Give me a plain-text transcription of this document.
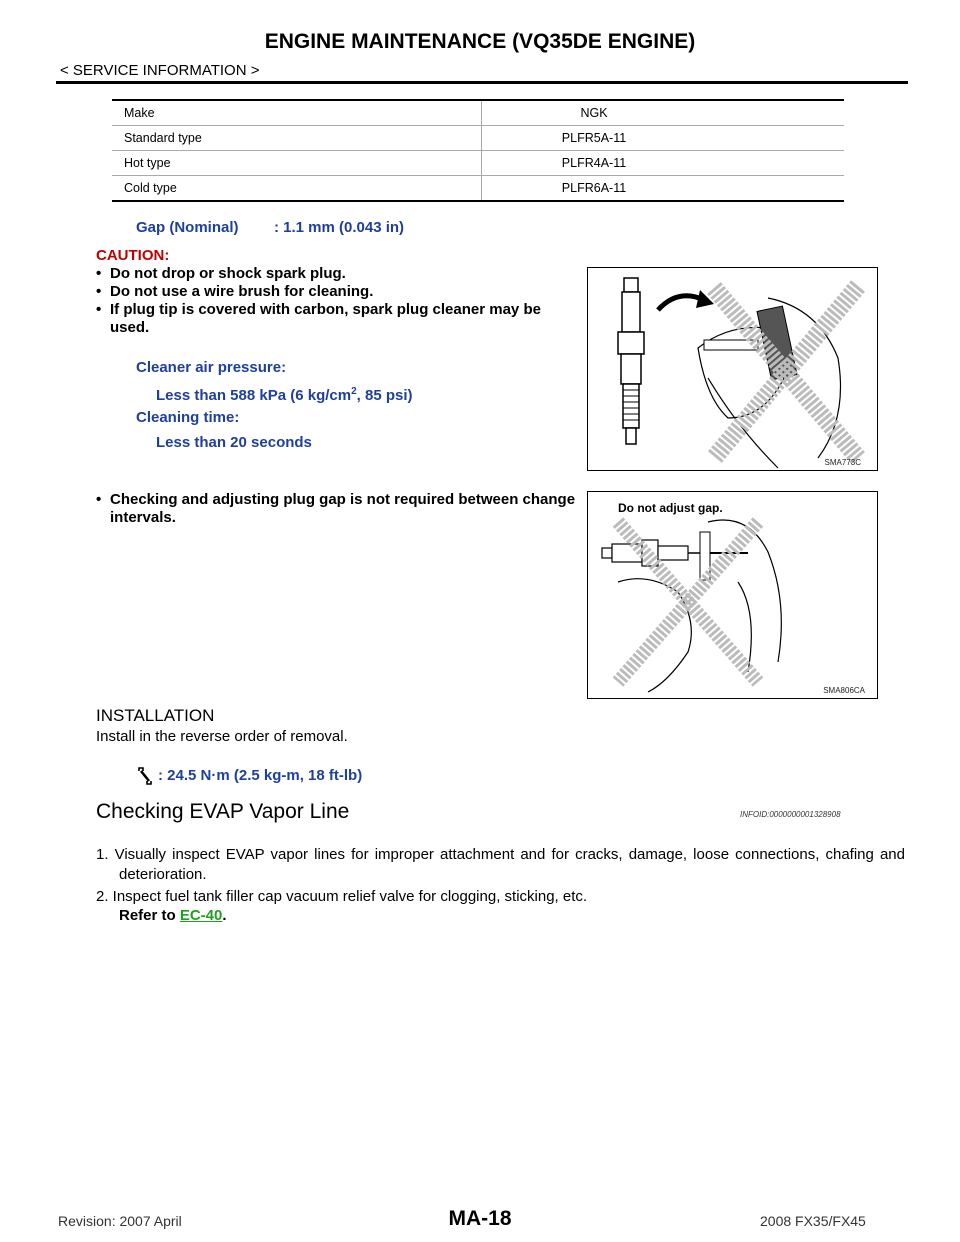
ENGINE MAINTENANCE (VQ35DE ENGINE)
< SERVICE INFORMATION >
Make	NGK
Standard type	PLFR5A-11
Hot type	PLFR4A-11
Cold type	PLFR6A-11
Gap (Nominal) : 1.1 mm (0.043 in)
CAUTION:

• Do not drop or shock spark plug.

• Do not use a wire brush for cleaning.

• If plug tip is covered with carbon, spark plug cleaner may be used.

Cleaner air pressure:
Less than 588 kPa (6 $kg/cm^2$, 85 psi)
Cleaning time:
Less than 20 seconds

• Checking and adjusting plug gap is not required between change intervals.

SMA773C
Do not adjust gap.
SMA806CA
INSTALLATION
Install in the reverse order of removal.
: 24.5 N·m (2.5 kg-m, 18 ft-lb)
Checking EVAP Vapor Line	INFOID:0000000001328908
1. Visually inspect EVAP vapor lines for improper attachment and for cracks, damage, loose connections, chafing and deterioration.
2. Inspect fuel tank filler cap vacuum relief valve for clogging, sticking, etc.
Refer to EC-40.
Revision: 2007 April	MA-18	2008 FX35/FX45
